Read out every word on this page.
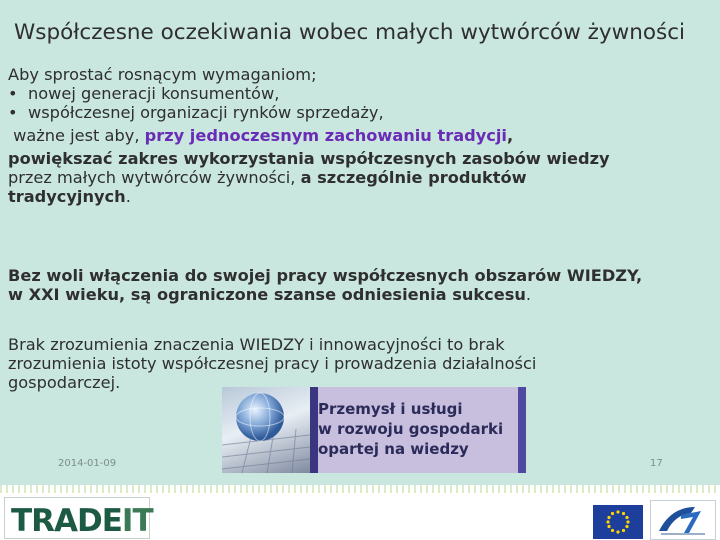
Współczesne oczekiwania wobec małych wytwórców żywności
Aby sprostać rosnącym wymaganiom;
• nowej generacji konsumentów,
• współczesnej organizacji rynków sprzedaży,
ważne jest aby, przy jednoczesnym zachowaniu tradycji,
powiększać zakres wykorzystania współczesnych zasobów wiedzy
przez małych wytwórców żywności, a szczególnie produktów
tradycyjnych.
Bez woli włączenia do swojej pracy współczesnych obszarów WIEDZY,
w XXI wieku, są ograniczone szanse odniesienia sukcesu.
Brak zrozumienia znaczenia WIEDZY i innowacyjności to brak
zrozumienia istoty współczesnej pracy i prowadzenia działalności
gospodarczej.
Przemysł i usługi
w rozwoju gospodarki
opartej na wiedzy
2014-01-09	17
TRADEIT
